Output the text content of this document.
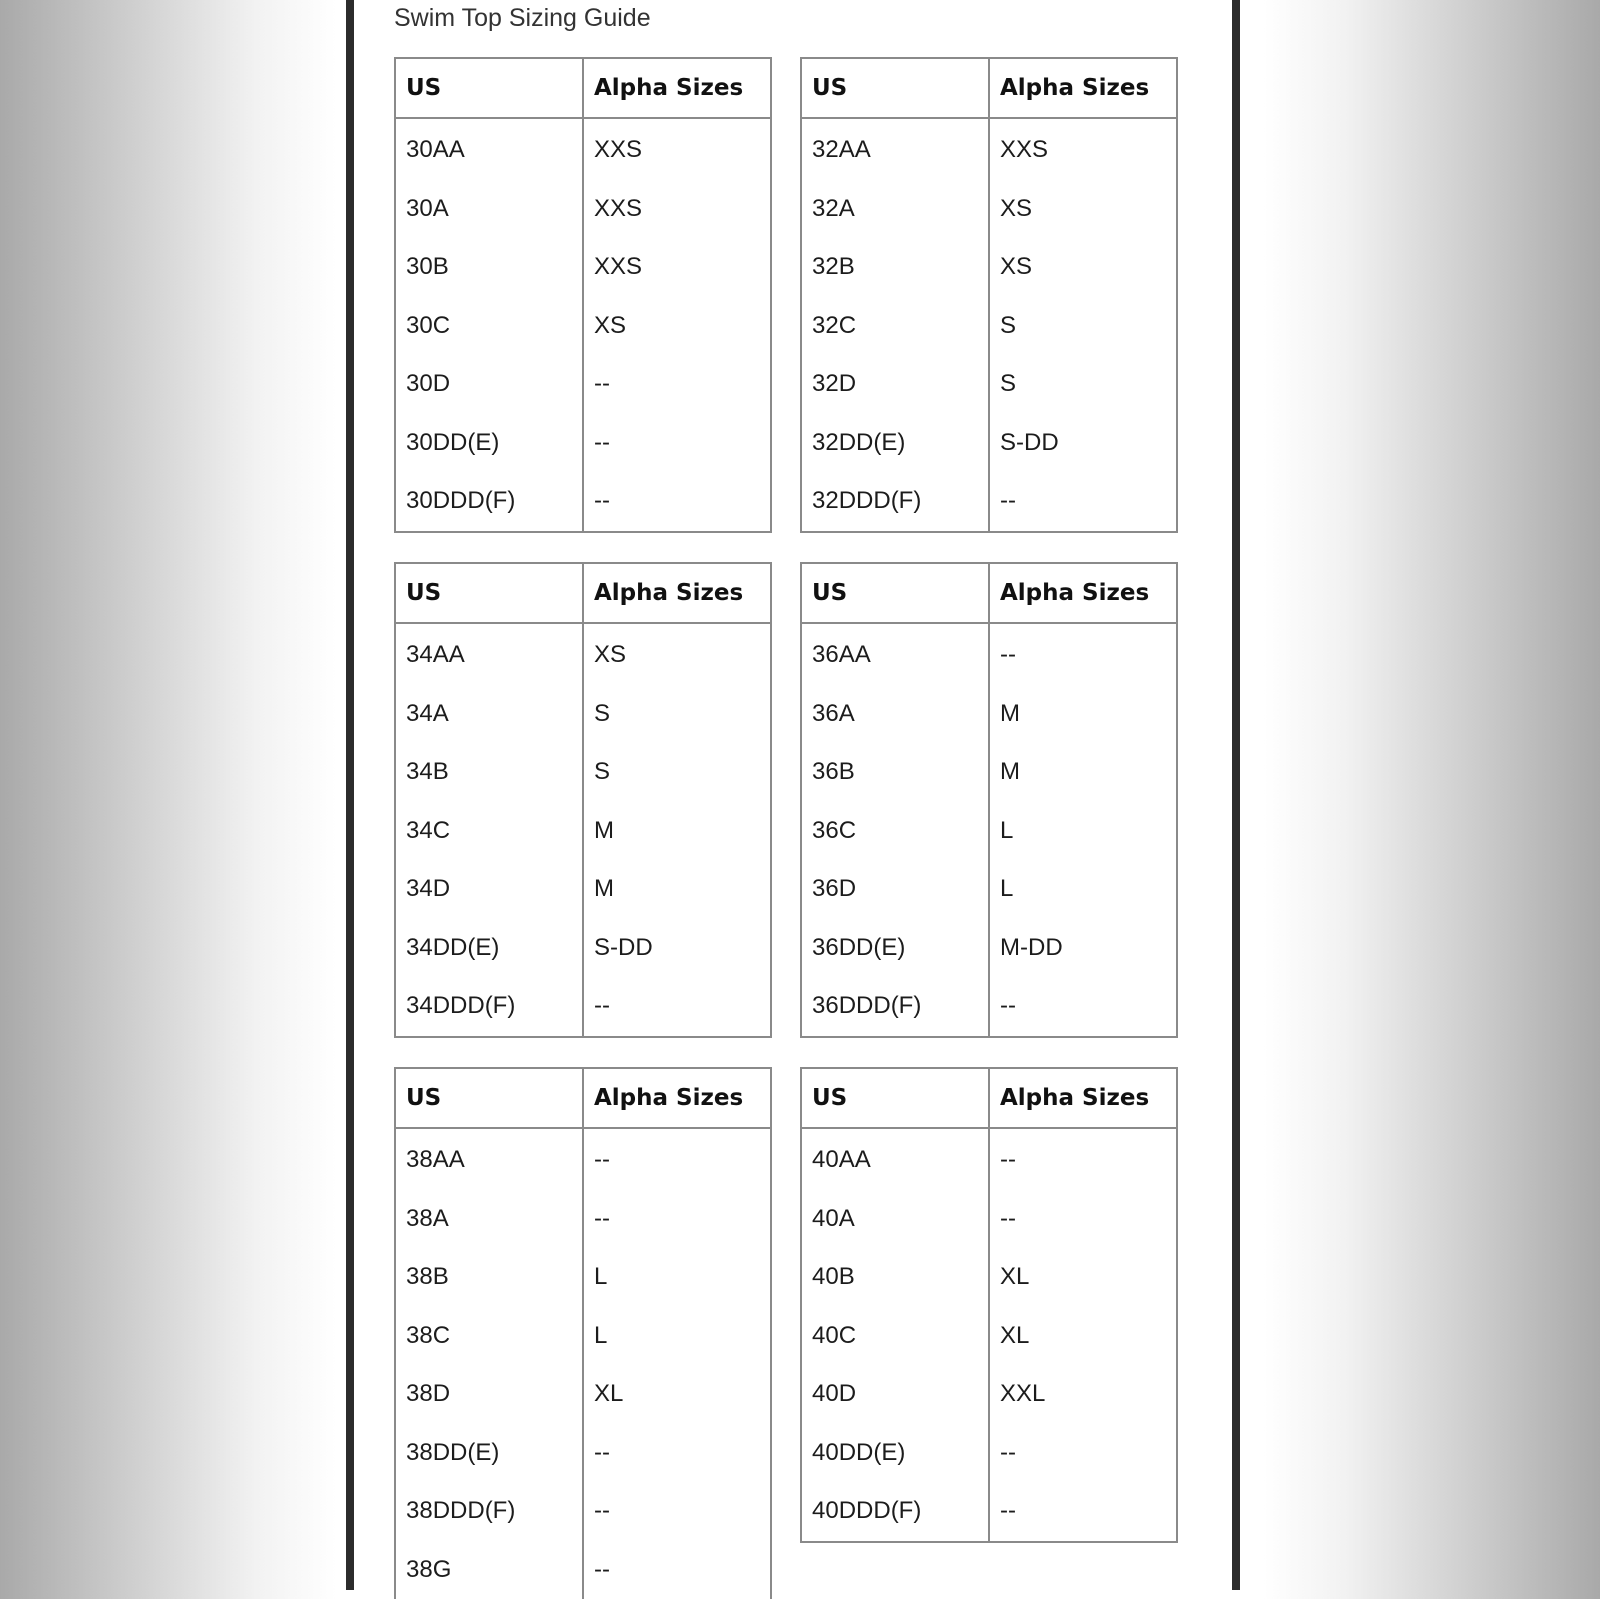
Swim Top Sizing Guide
US	Alpha Sizes
30AA	XXS
30A	XXS
30B	XXS
30C	XS
30D	--
30DD(E)	--
30DDD(F)	--
US	Alpha Sizes
32AA	XXS
32A	XS
32B	XS
32C	S
32D	S
32DD(E)	S-DD
32DDD(F)	--
US	Alpha Sizes
34AA	XS
34A	S
34B	S
34C	M
34D	M
34DD(E)	S-DD
34DDD(F)	--
US	Alpha Sizes
36AA	--
36A	M
36B	M
36C	L
36D	L
36DD(E)	M-DD
36DDD(F)	--
US	Alpha Sizes
38AA	--
38A	--
38B	L
38C	L
38D	XL
38DD(E)	--
38DDD(F)	--
38G	--
US	Alpha Sizes
40AA	--
40A	--
40B	XL
40C	XL
40D	XXL
40DD(E)	--
40DDD(F)	--
